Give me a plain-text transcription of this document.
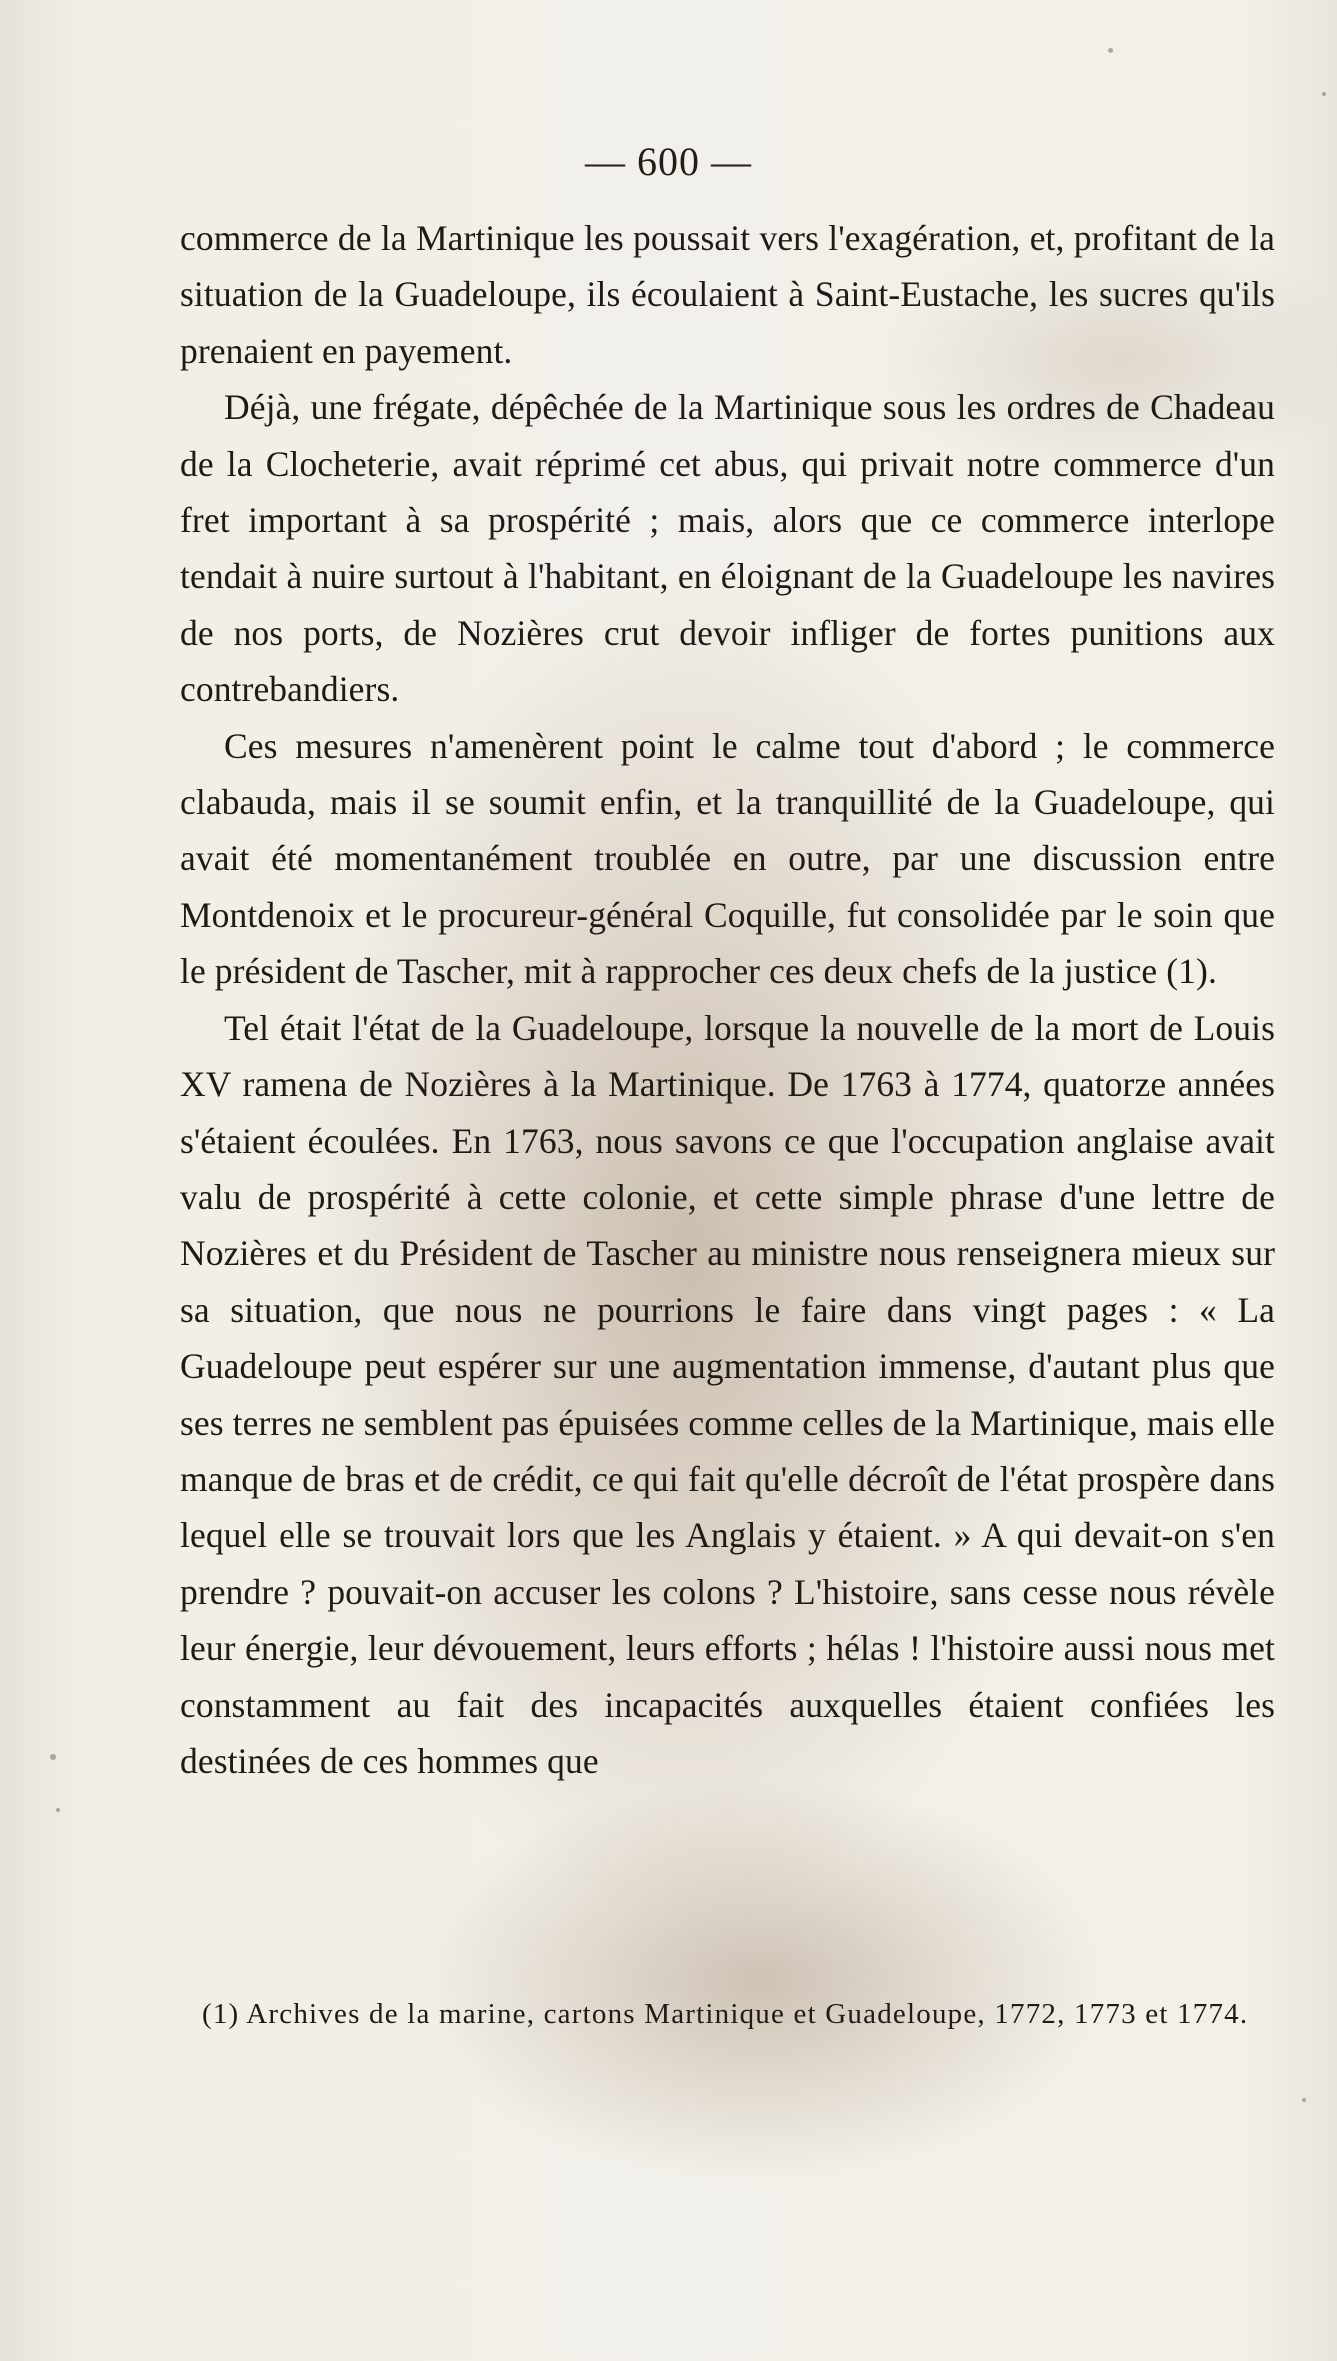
— 600 —

commerce de la Martinique les poussait vers l'exagération, et, profitant de la situation de la Guadeloupe, ils écoulaient à Saint-Eustache, les sucres qu'ils prenaient en payement.

Déjà, une frégate, dépêchée de la Martinique sous les ordres de Chadeau de la Clocheterie, avait réprimé cet abus, qui privait notre commerce d'un fret important à sa prospérité ; mais, alors que ce commerce interlope tendait à nuire surtout à l'habitant, en éloignant de la Guadeloupe les navires de nos ports, de Nozières crut devoir infliger de fortes punitions aux contrebandiers.

Ces mesures n'amenèrent point le calme tout d'abord ; le commerce clabauda, mais il se soumit enfin, et la tranquillité de la Guadeloupe, qui avait été momentanément troublée en outre, par une discussion entre Montdenoix et le procureur-général Coquille, fut consolidée par le soin que le président de Tascher, mit à rapprocher ces deux chefs de la justice (1).

Tel était l'état de la Guadeloupe, lorsque la nouvelle de la mort de Louis XV ramena de Nozières à la Martinique. De 1763 à 1774, quatorze années s'étaient écoulées. En 1763, nous savons ce que l'occupation anglaise avait valu de prospérité à cette colonie, et cette simple phrase d'une lettre de Nozières et du Président de Tascher au ministre nous renseignera mieux sur sa situation, que nous ne pourrions le faire dans vingt pages : « La Guadeloupe peut espérer sur une augmentation immense, d'autant plus que ses terres ne semblent pas épuisées comme celles de la Martinique, mais elle manque de bras et de crédit, ce qui fait qu'elle décroît de l'état prospère dans lequel elle se trouvait lors que les Anglais y étaient. » A qui devait-on s'en prendre ? pouvait-on accuser les colons ? L'histoire, sans cesse nous révèle leur énergie, leur dévouement, leurs efforts ; hélas ! l'histoire aussi nous met constamment au fait des incapacités auxquelles étaient confiées les destinées de ces hommes que

(1) Archives de la marine, cartons Martinique et Guadeloupe, 1772, 1773 et 1774.
